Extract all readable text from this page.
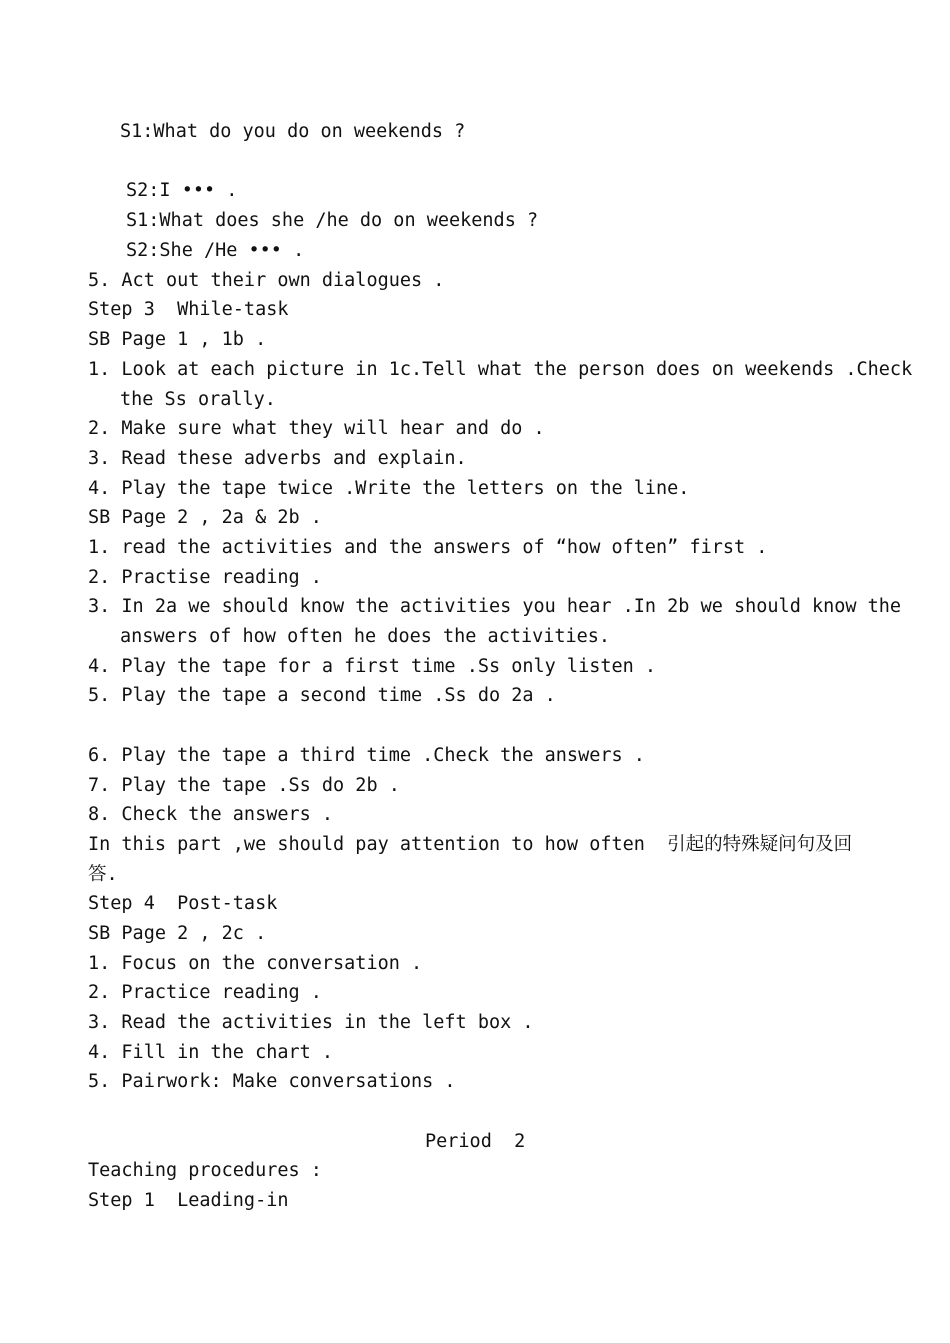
S1:What do you do on weekends ?
S2:I ••• .
S1:What does she /he do on weekends ?
S2:She /He ••• .
5. Act out their own dialogues .
Step 3  While-task
SB Page 1 , 1b .
1. Look at each picture in 1c.Tell what the person does on weekends .Check
the Ss orally.
2. Make sure what they will hear and do .
3. Read these adverbs and explain.
4. Play the tape twice .Write the letters on the line.
SB Page 2 , 2a & 2b .
1. read the activities and the answers of “how often” first .
2. Practise reading .
3. In 2a we should know the activities you hear .In 2b we should know the
answers of how often he does the activities.
4. Play the tape for a first time .Ss only listen .
5. Play the tape a second time .Ss do 2a .
6. Play the tape a third time .Check the answers .
7. Play the tape .Ss do 2b .
8. Check the answers .
In this part ,we should pay attention to how often  引起的特殊疑问句及回
答.
Step 4  Post-task
SB Page 2 , 2c .
1. Focus on the conversation .
2. Practice reading .
3. Read the activities in the left box .
4. Fill in the chart .
5. Pairwork: Make conversations .
Period  2
Teaching procedures :
Step 1  Leading-in
